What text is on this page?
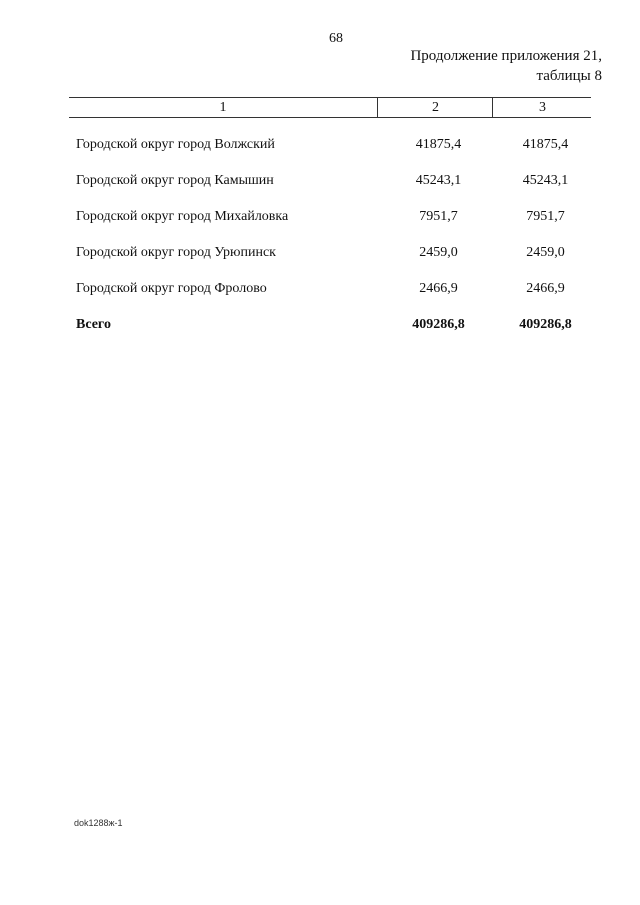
68
Продолжение приложения 21,
таблицы 8
1	2	3
Городской округ город Волжский	41875,4	41875,4
Городской округ город Камышин	45243,1	45243,1
Городской округ город Михайловка	7951,7	7951,7
Городской округ город Урюпинск	2459,0	2459,0
Городской округ город Фролово	2466,9	2466,9
Всего	409286,8	409286,8
dok1288ж-1
